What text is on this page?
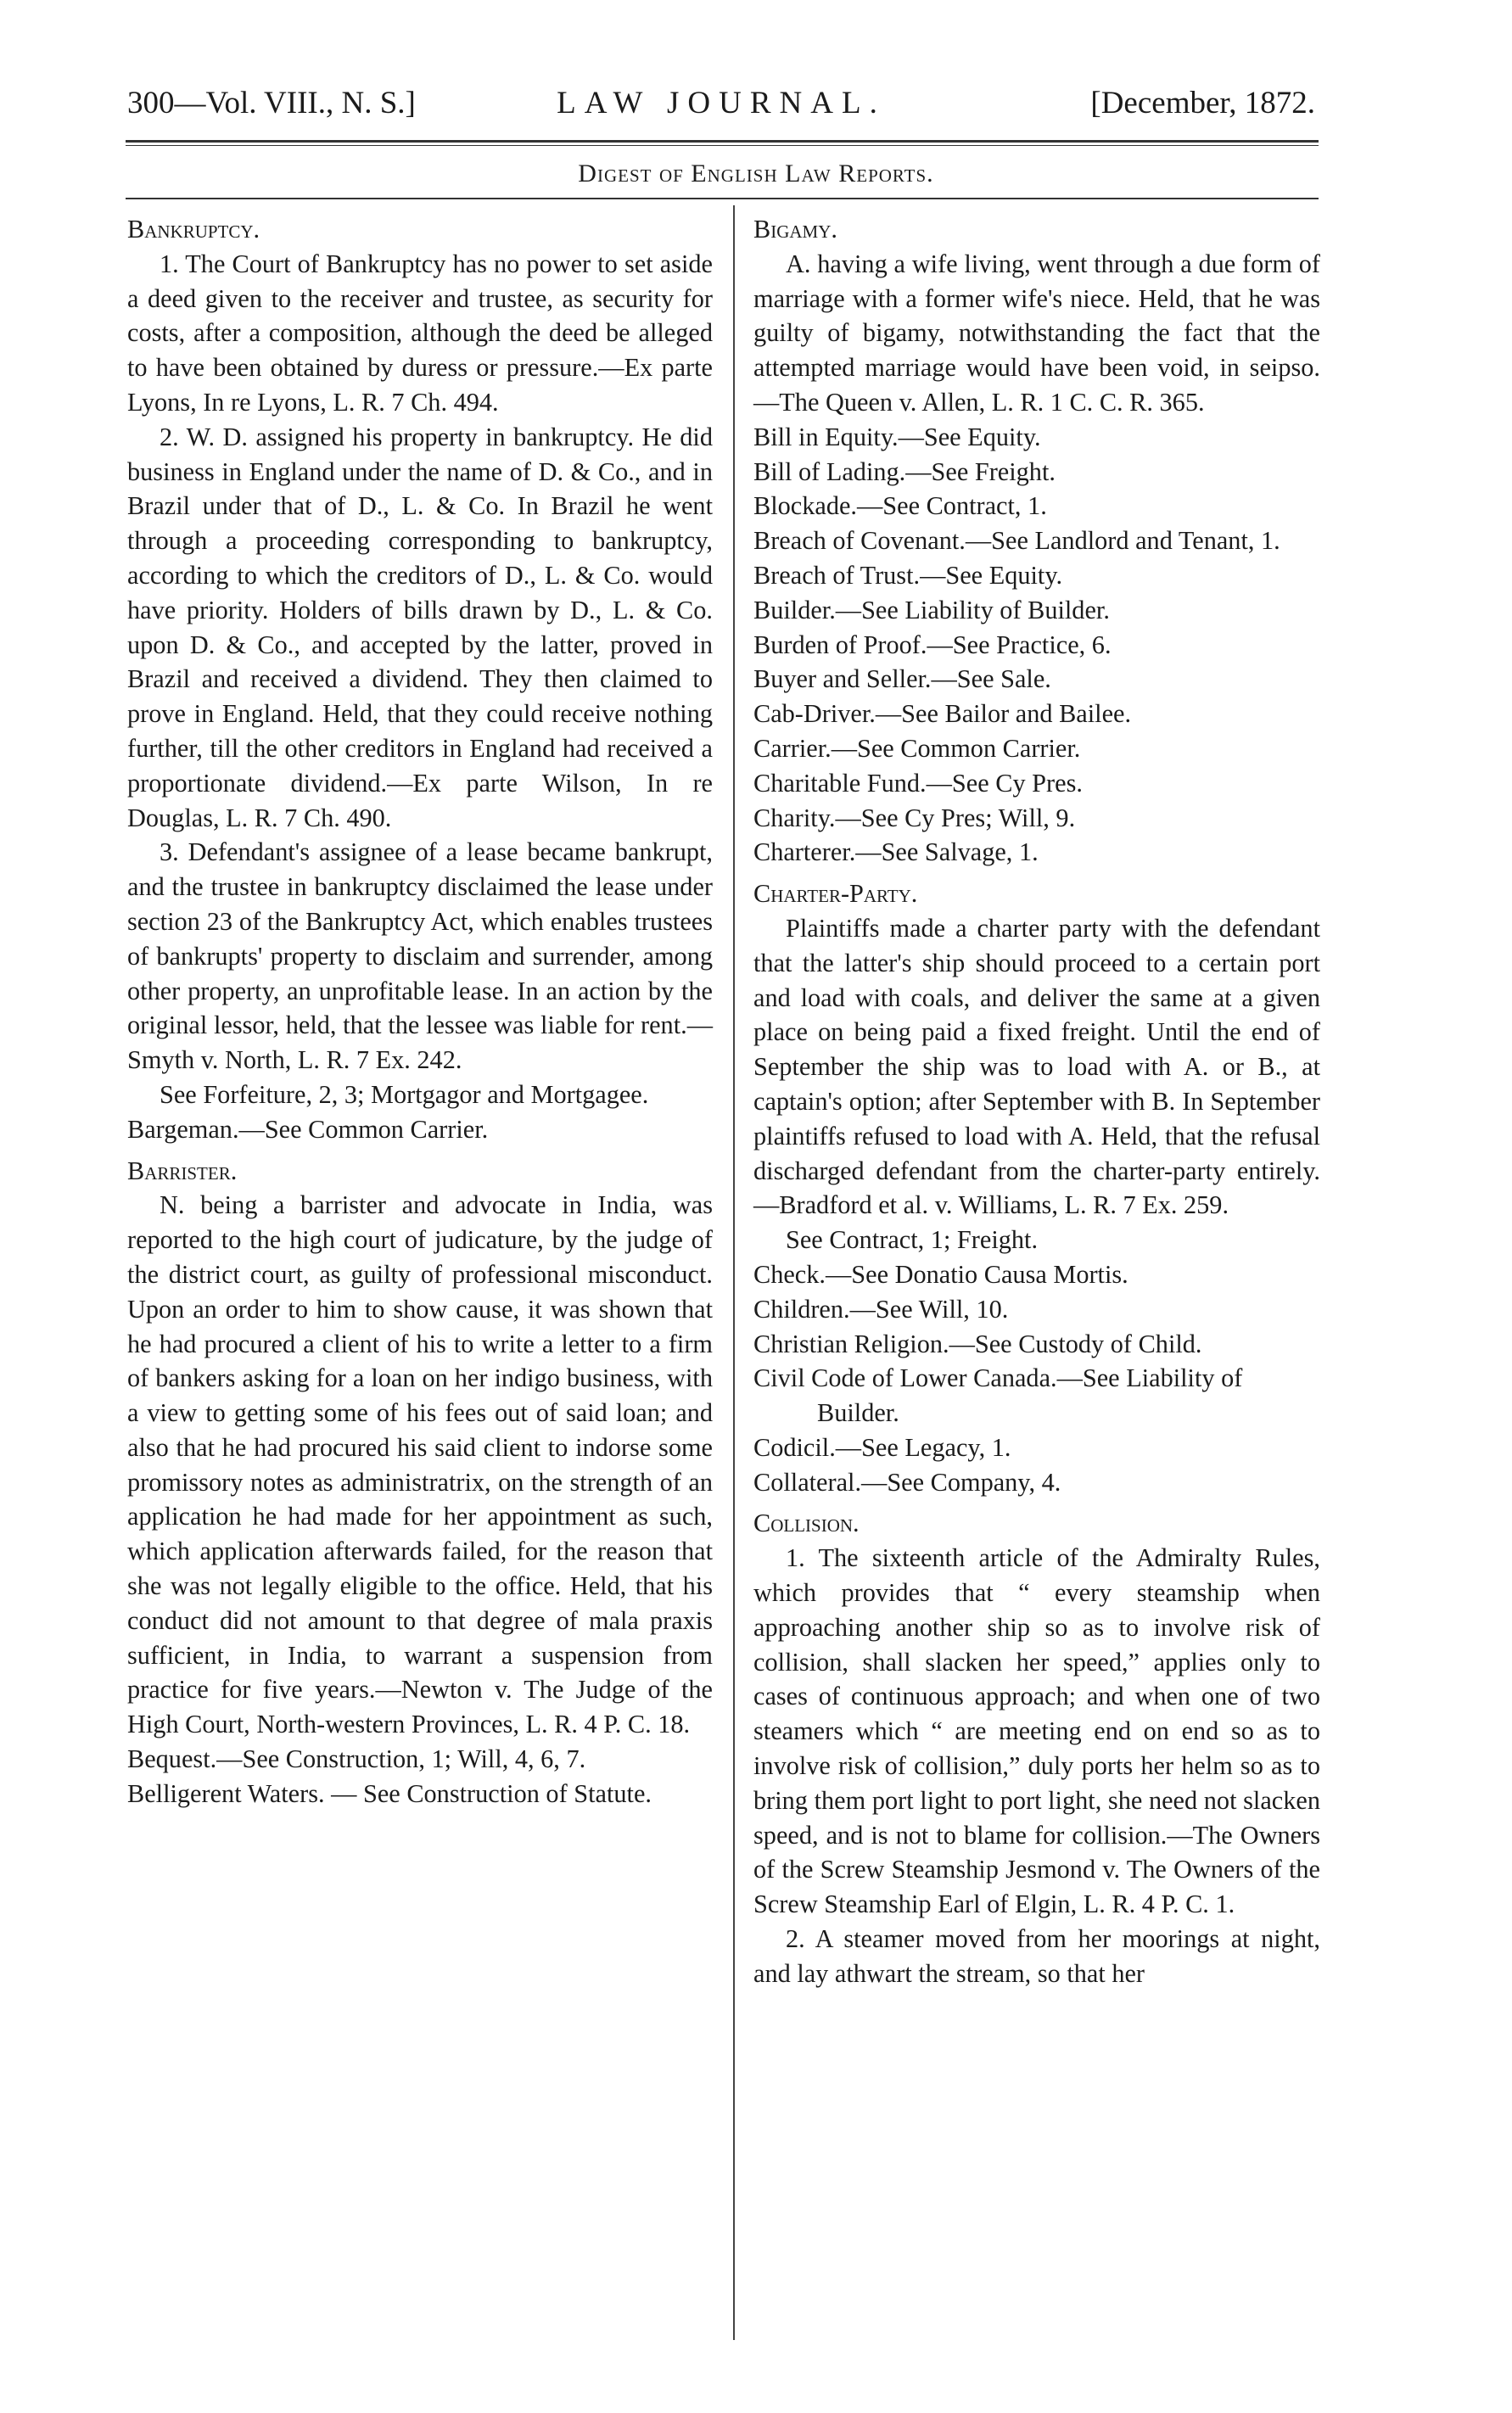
300—Vol. VIII., N. S.]	LAW JOURNAL.	[December, 1872.
Digest of English Law Reports.

Bankruptcy.

1. The Court of Bankruptcy has no power to set aside a deed given to the receiver and trustee, as security for costs, after a composition, although the deed be alleged to have been obtained by duress or pressure.—Ex parte Lyons, In re Lyons, L. R. 7 Ch. 494.

2. W. D. assigned his property in bankruptcy. He did business in England under the name of D. & Co., and in Brazil under that of D., L. & Co. In Brazil he went through a proceeding corresponding to bankruptcy, according to which the creditors of D., L. & Co. would have priority. Holders of bills drawn by D., L. & Co. upon D. & Co., and accepted by the latter, proved in Brazil and received a dividend. They then claimed to prove in England. Held, that they could receive nothing further, till the other creditors in England had received a proportionate dividend.—Ex parte Wilson, In re Douglas, L. R. 7 Ch. 490.

3. Defendant's assignee of a lease became bankrupt, and the trustee in bankruptcy disclaimed the lease under section 23 of the Bankruptcy Act, which enables trustees of bankrupts' property to disclaim and surrender, among other property, an unprofitable lease. In an action by the original lessor, held, that the lessee was liable for rent.—Smyth v. North, L. R. 7 Ex. 242.

See Forfeiture, 2, 3; Mortgagor and Mortgagee.

Bargeman.—See Common Carrier.

Barrister.

N. being a barrister and advocate in India, was reported to the high court of judicature, by the judge of the district court, as guilty of professional misconduct. Upon an order to him to show cause, it was shown that he had procured a client of his to write a letter to a firm of bankers asking for a loan on her indigo business, with a view to getting some of his fees out of said loan; and also that he had procured his said client to indorse some promissory notes as administratrix, on the strength of an application he had made for her appointment as such, which application afterwards failed, for the reason that she was not legally eligible to the office. Held, that his conduct did not amount to that degree of mala praxis sufficient, in India, to warrant a suspension from practice for five years.—Newton v. The Judge of the High Court, North-western Provinces, L. R. 4 P. C. 18.

Bequest.—See Construction, 1; Will, 4, 6, 7.

Belligerent Waters. — See Construction of Statute.

Bigamy.

A. having a wife living, went through a due form of marriage with a former wife's niece. Held, that he was guilty of bigamy, notwithstanding the fact that the attempted marriage would have been void, in seipso.—The Queen v. Allen, L. R. 1 C. C. R. 365.

Bill in Equity.—See Equity.

Bill of Lading.—See Freight.

Blockade.—See Contract, 1.

Breach of Covenant.—See Landlord and Tenant, 1.

Breach of Trust.—See Equity.

Builder.—See Liability of Builder.

Burden of Proof.—See Practice, 6.

Buyer and Seller.—See Sale.

Cab-Driver.—See Bailor and Bailee.

Carrier.—See Common Carrier.

Charitable Fund.—See Cy Pres.

Charity.—See Cy Pres; Will, 9.

Charterer.—See Salvage, 1.

Charter-Party.

Plaintiffs made a charter party with the defendant that the latter's ship should proceed to a certain port and load with coals, and deliver the same at a given place on being paid a fixed freight. Until the end of September the ship was to load with A. or B., at captain's option; after September with B. In September plaintiffs refused to load with A. Held, that the refusal discharged defendant from the charter-party entirely.—Bradford et al. v. Williams, L. R. 7 Ex. 259.

See Contract, 1; Freight.

Check.—See Donatio Causa Mortis.

Children.—See Will, 10.

Christian Religion.—See Custody of Child.

Civil Code of Lower Canada.—See Liability of Builder.

Codicil.—See Legacy, 1.

Collateral.—See Company, 4.

Collision.

1. The sixteenth article of the Admiralty Rules, which provides that “ every steamship when approaching another ship so as to involve risk of collision, shall slacken her speed,” applies only to cases of continuous approach; and when one of two steamers which “ are meeting end on end so as to involve risk of collision,” duly ports her helm so as to bring them port light to port light, she need not slacken speed, and is not to blame for collision.—The Owners of the Screw Steamship Jesmond v. The Owners of the Screw Steamship Earl of Elgin, L. R. 4 P. C. 1.

2. A steamer moved from her moorings at night, and lay athwart the stream, so that her
